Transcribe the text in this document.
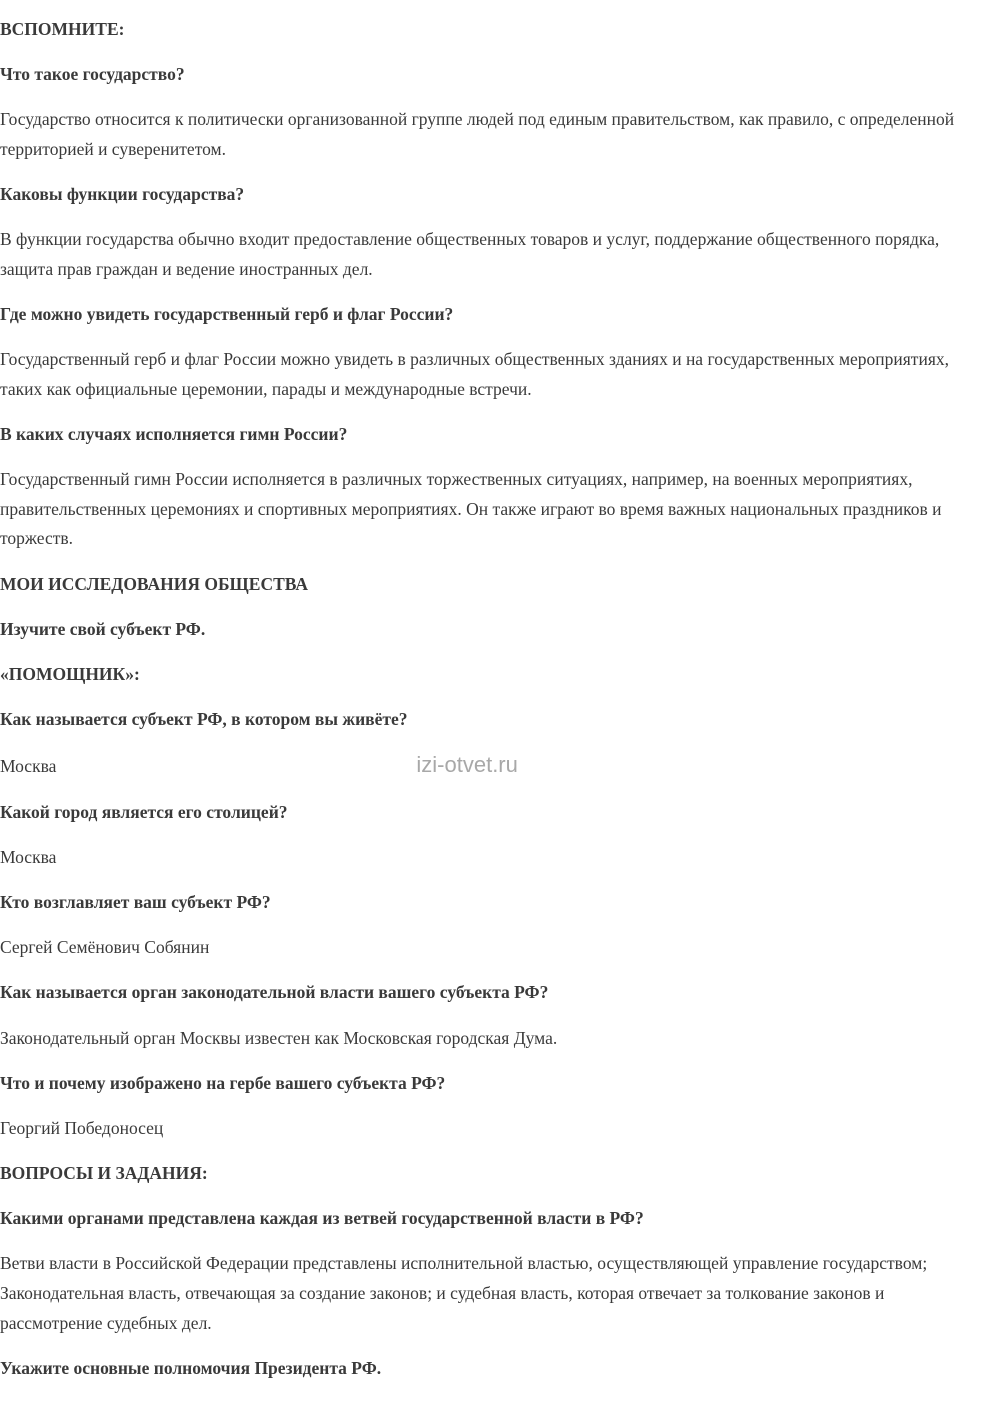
ВСПОМНИТЕ:

Что такое государство?

Государство относится к политически организованной группе людей под единым правительством, как правило, с определенной территорией и суверенитетом.

Каковы функции государства?

В функции государства обычно входит предоставление общественных товаров и услуг, поддержание общественного порядка, защита прав граждан и ведение иностранных дел.

Где можно увидеть государственный герб и флаг России?

Государственный герб и флаг России можно увидеть в различных общественных зданиях и на государственных мероприятиях, таких как официальные церемонии, парады и международные встречи.

В каких случаях исполняется гимн России?

Государственный гимн России исполняется в различных торжественных ситуациях, например, на военных мероприятиях, правительственных церемониях и спортивных мероприятиях. Он также играют во время важных национальных праздников и торжеств.

МОИ ИССЛЕДОВАНИЯ ОБЩЕСТВА

Изучите свой субъект РФ.

«ПОМОЩНИК»:

Как называется субъект РФ, в котором вы живёте?

Москва	izi-otvet.ru

Какой город является его столицей?

Москва

Кто возглавляет ваш субъект РФ?

Сергей Семёнович Собянин

Как называется орган законодательной власти вашего субъекта РФ?

Законодательный орган Москвы известен как Московская городская Дума.

Что и почему изображено на гербе вашего субъекта РФ?

Георгий Победоносец

ВОПРОСЫ И ЗАДАНИЯ:

Какими органами представлена каждая из ветвей государственной власти в РФ?

Ветви власти в Российской Федерации представлены исполнительной властью, осуществляющей управление государством; Законодательная власть, отвечающая за создание законов; и судебная власть, которая отвечает за толкование законов и рассмотрение судебных дел.

Укажите основные полномочия Президента РФ.
